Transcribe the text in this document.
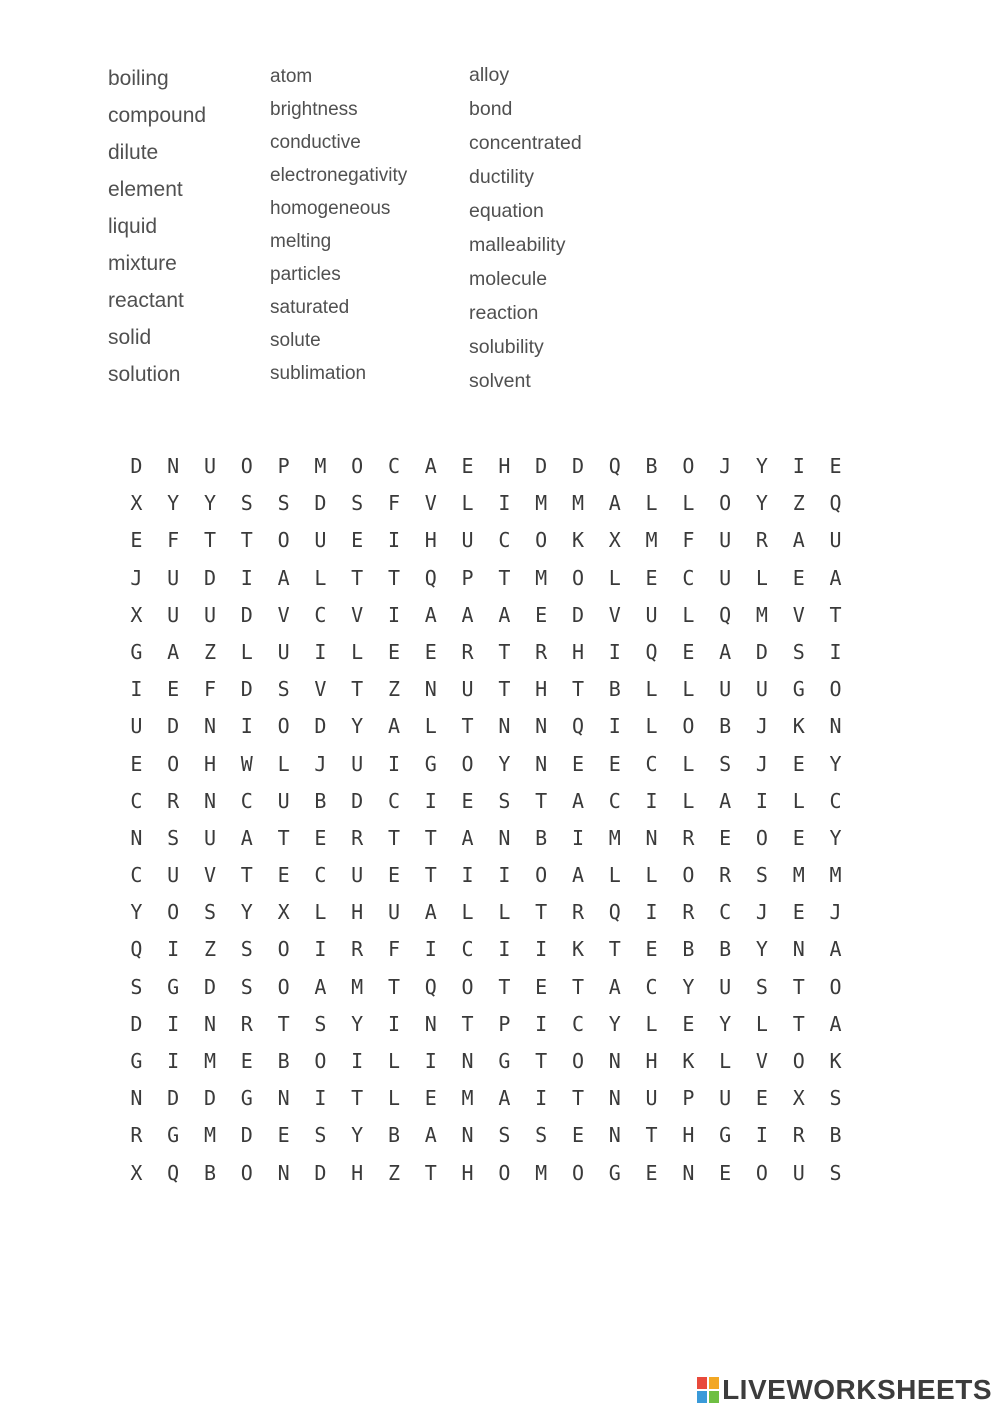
boiling
compound
dilute
element
liquid
mixture
reactant
solid
solution
atom
brightness
conductive
electronegativity
homogeneous
melting
particles
saturated
solute
sublimation
alloy
bond
concentrated
ductility
equation
malleability
molecule
reaction
solubility
solvent
D	N	U	O	P	M	O	C	A	E	H	D	D	Q	B	O	J	Y	I	E
X	Y	Y	S	S	D	S	F	V	L	I	M	M	A	L	L	O	Y	Z	Q
E	F	T	T	O	U	E	I	H	U	C	O	K	X	M	F	U	R	A	U
J	U	D	I	A	L	T	T	Q	P	T	M	O	L	E	C	U	L	E	A
X	U	U	D	V	C	V	I	A	A	A	E	D	V	U	L	Q	M	V	T
G	A	Z	L	U	I	L	E	E	R	T	R	H	I	Q	E	A	D	S	I
I	E	F	D	S	V	T	Z	N	U	T	H	T	B	L	L	U	U	G	O
U	D	N	I	O	D	Y	A	L	T	N	N	Q	I	L	O	B	J	K	N
E	O	H	W	L	J	U	I	G	O	Y	N	E	E	C	L	S	J	E	Y
C	R	N	C	U	B	D	C	I	E	S	T	A	C	I	L	A	I	L	C
N	S	U	A	T	E	R	T	T	A	N	B	I	M	N	R	E	O	E	Y
C	U	V	T	E	C	U	E	T	I	I	O	A	L	L	O	R	S	M	M
Y	O	S	Y	X	L	H	U	A	L	L	T	R	Q	I	R	C	J	E	J
Q	I	Z	S	O	I	R	F	I	C	I	I	K	T	E	B	B	Y	N	A
S	G	D	S	O	A	M	T	Q	O	T	E	T	A	C	Y	U	S	T	O
D	I	N	R	T	S	Y	I	N	T	P	I	C	Y	L	E	Y	L	T	A
G	I	M	E	B	O	I	L	I	N	G	T	O	N	H	K	L	V	O	K
N	D	D	G	N	I	T	L	E	M	A	I	T	N	U	P	U	E	X	S
R	G	M	D	E	S	Y	B	A	N	S	S	E	N	T	H	G	I	R	B
X	Q	B	O	N	D	H	Z	T	H	O	M	O	G	E	N	E	O	U	S
LIVEWORKSHEETS
